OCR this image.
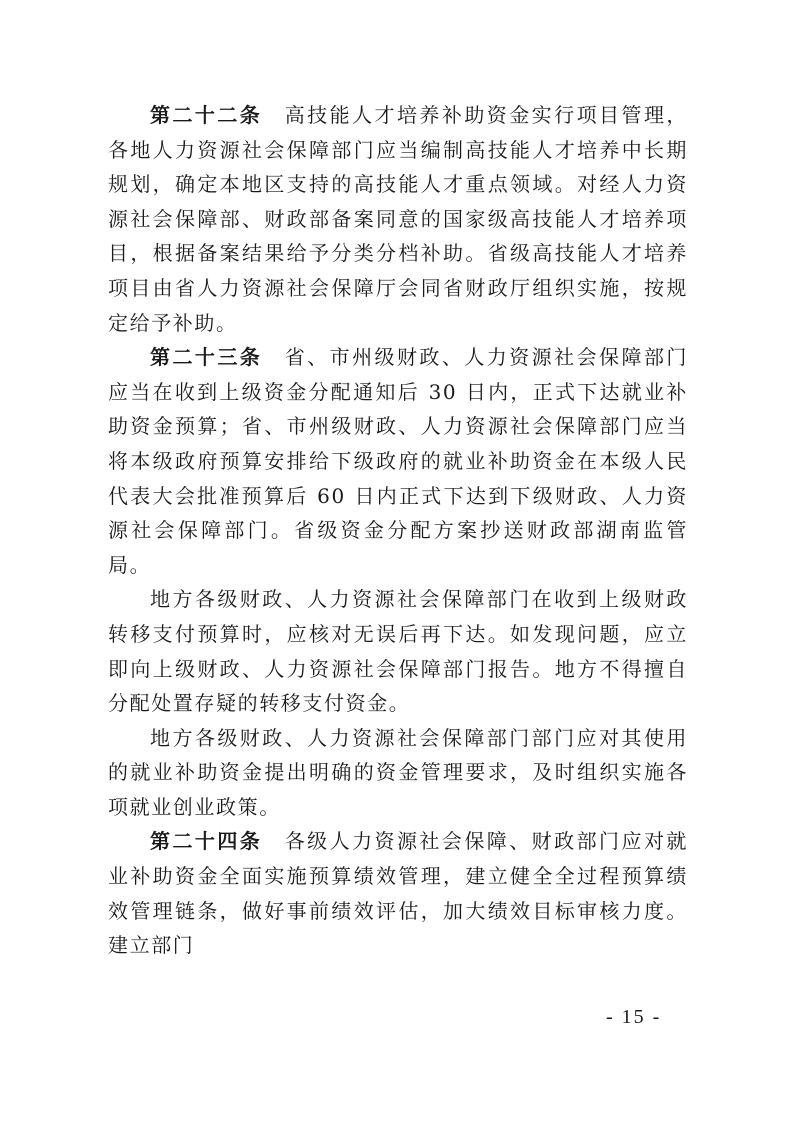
第二十二条　 高技能人才培养补助资金实行项目管理，各地人力资源社会保障部门应当编制高技能人才培养中长期规划，确定本地区支持的高技能人才重点领域。对经人力资源社会保障部、财政部备案同意的国家级高技能人才培养项目，根据备案结果给予分类分档补助。省级高技能人才培养项目由省人力资源社会保障厅会同省财政厅组织实施，按规定给予补助。

第二十三条　 省、市州级财政、人力资源社会保障部门应当在收到上级资金分配通知后 30 日内，正式下达就业补助资金预算；省、市州级财政、人力资源社会保障部门应当将本级政府预算安排给下级政府的就业补助资金在本级人民代表大会批准预算后 60 日内正式下达到下级财政、人力资源社会保障部门。省级资金分配方案抄送财政部湖南监管局。

地方各级财政、人力资源社会保障部门在收到上级财政转移支付预算时，应核对无误后再下达。如发现问题，应立即向上级财政、人力资源社会保障部门报告。地方不得擅自分配处置存疑的转移支付资金。

地方各级财政、人力资源社会保障部门部门应对其使用的就业补助资金提出明确的资金管理要求，及时组织实施各项就业创业政策。

第二十四条　 各级人力资源社会保障、财政部门应对就业补助资金全面实施预算绩效管理，建立健全全过程预算绩效管理链条，做好事前绩效评估，加大绩效目标审核力度。建立部门

- 15 -
